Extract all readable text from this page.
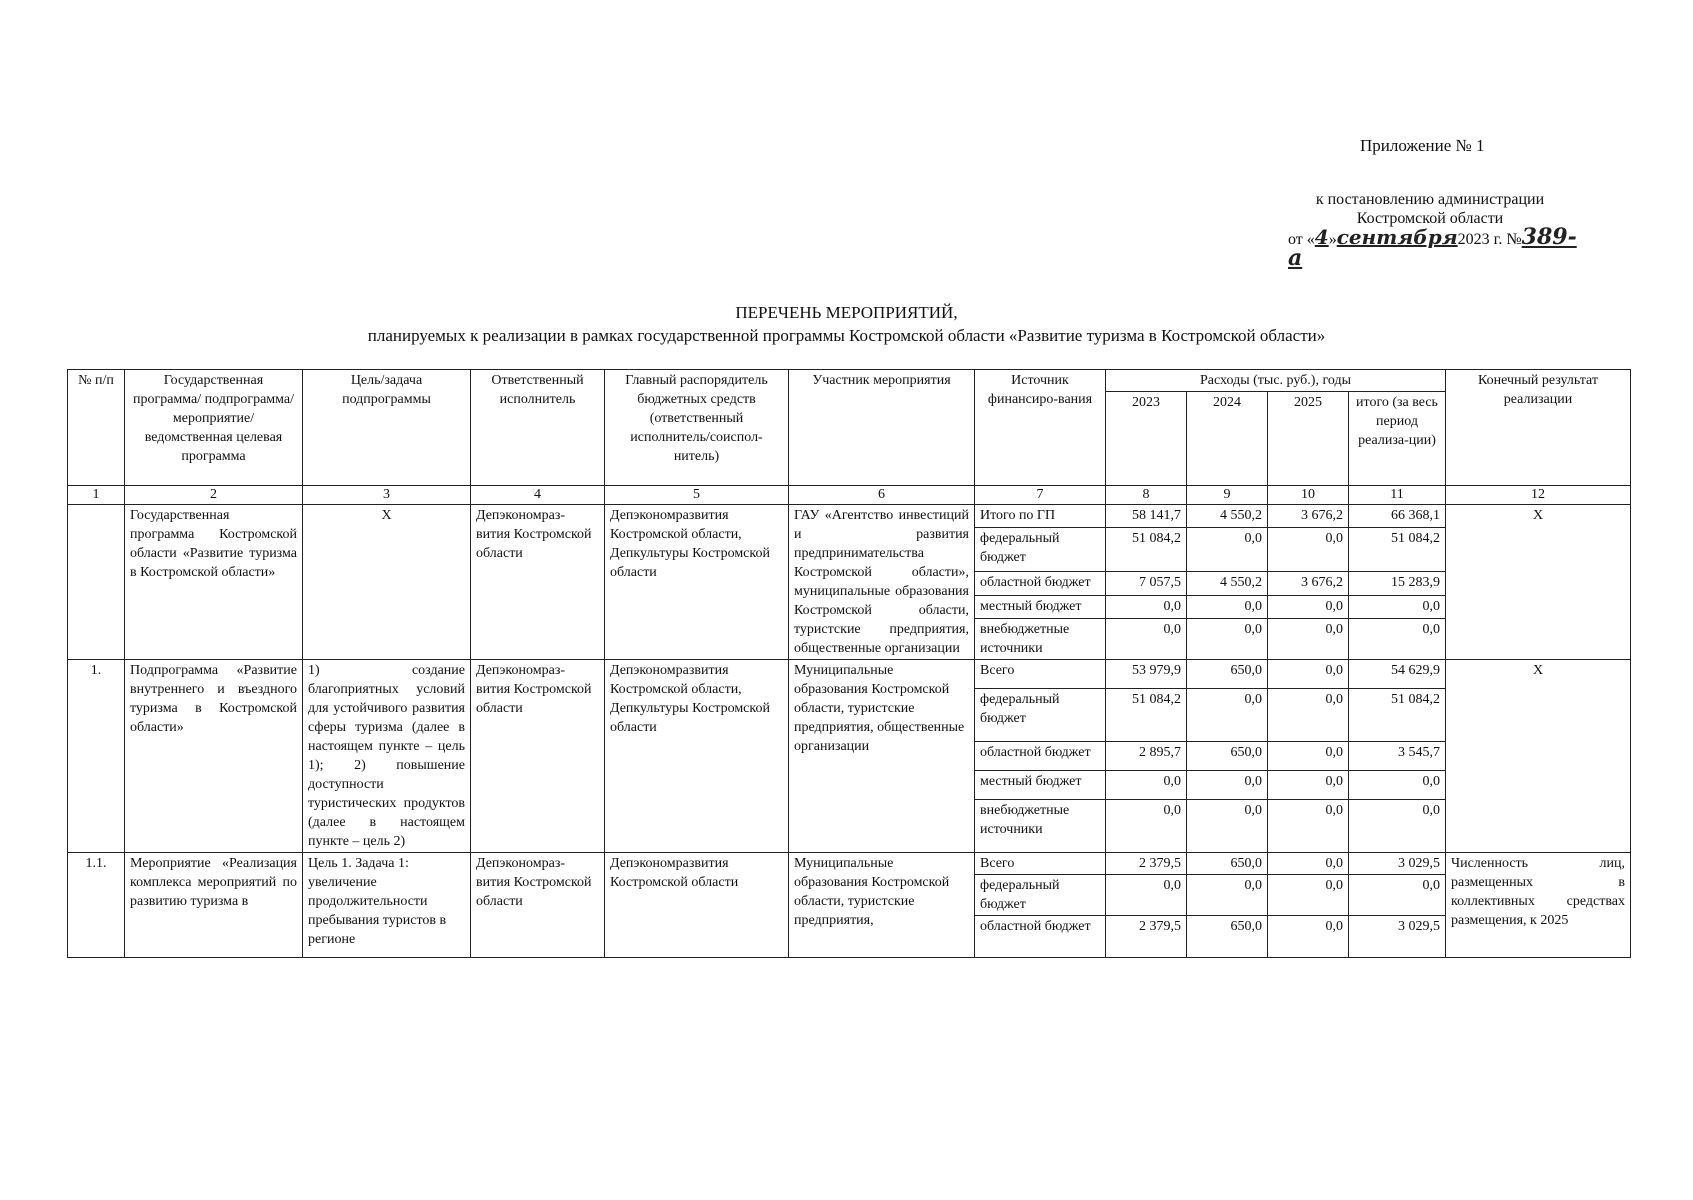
Приложение № 1
к постановлению администрации
Костромской области
от «4»сентября2023 г. №389-а
ПЕРЕЧЕНЬ МЕРОПРИЯТИЙ,
планируемых к реализации в рамках государственной программы Костромской области «Развитие туризма в Костромской области»
№ п/п	Государственная программа/ подпрограмма/ мероприятие/ ведомственная целевая программа	Цель/задача подпрограммы	Ответственный исполнитель	Главный распорядитель бюджетных средств (ответственный исполнитель/соиспол-нитель)	Участник мероприятия	Источник финансиро-вания	Расходы (тыс. руб.), годы				Конечный результат реализации
							2023	2024	2025	итого (за весь период реализа-ции)	
1	2	3	4	5	6	7	8	9	10	11	12
	Государственная программа Костромской области «Развитие туризма в Костромской области»	X	Депэкономраз-вития Костромской области	Депэкономразвития Костромской области, Депкультуры Костромской области	ГАУ «Агентство инвестиций и развития предпринимательства Костромской области», муниципальные образования Костромской области, туристские предприятия, общественные организации	Итого по ГП	58 141,7	4 550,2	3 676,2	66 368,1	X
						федеральный бюджет	51 084,2	0,0	0,0	51 084,2	
						областной бюджет	7 057,5	4 550,2	3 676,2	15 283,9	
						местный бюджет	0,0	0,0	0,0	0,0	
						внебюджетные источники	0,0	0,0	0,0	0,0	
1.	Подпрограмма «Развитие внутреннего и въездного туризма в Костромской области»	1) создание благоприятных условий для устойчивого развития сферы туризма (далее в настоящем пункте – цель 1); 2) повышение доступности туристических продуктов (далее в настоящем пункте – цель 2)	Депэкономраз-вития Костромской области	Депэкономразвития Костромской области, Депкультуры Костромской области	Муниципальные образования Костромской области, туристские предприятия, общественные организации	Всего	53 979,9	650,0	0,0	54 629,9	X
						федеральный бюджет	51 084,2	0,0	0,0	51 084,2	
						областной бюджет	2 895,7	650,0	0,0	3 545,7	
						местный бюджет	0,0	0,0	0,0	0,0	
						внебюджетные источники	0,0	0,0	0,0	0,0	
1.1.	Мероприятие «Реализация комплекса мероприятий по развитию туризма в	Цель 1. Задача 1: увеличение продолжительности пребывания туристов в регионе	Депэкономраз-вития Костромской области	Депэкономразвития Костромской области	Муниципальные образования Костромской области, туристские предприятия,	Всего	2 379,5	650,0	0,0	3 029,5	Численность лиц, размещенных в коллективных средствах размещения, к 2025
						федеральный бюджет	0,0	0,0	0,0	0,0	
						областной бюджет	2 379,5	650,0	0,0	3 029,5	
